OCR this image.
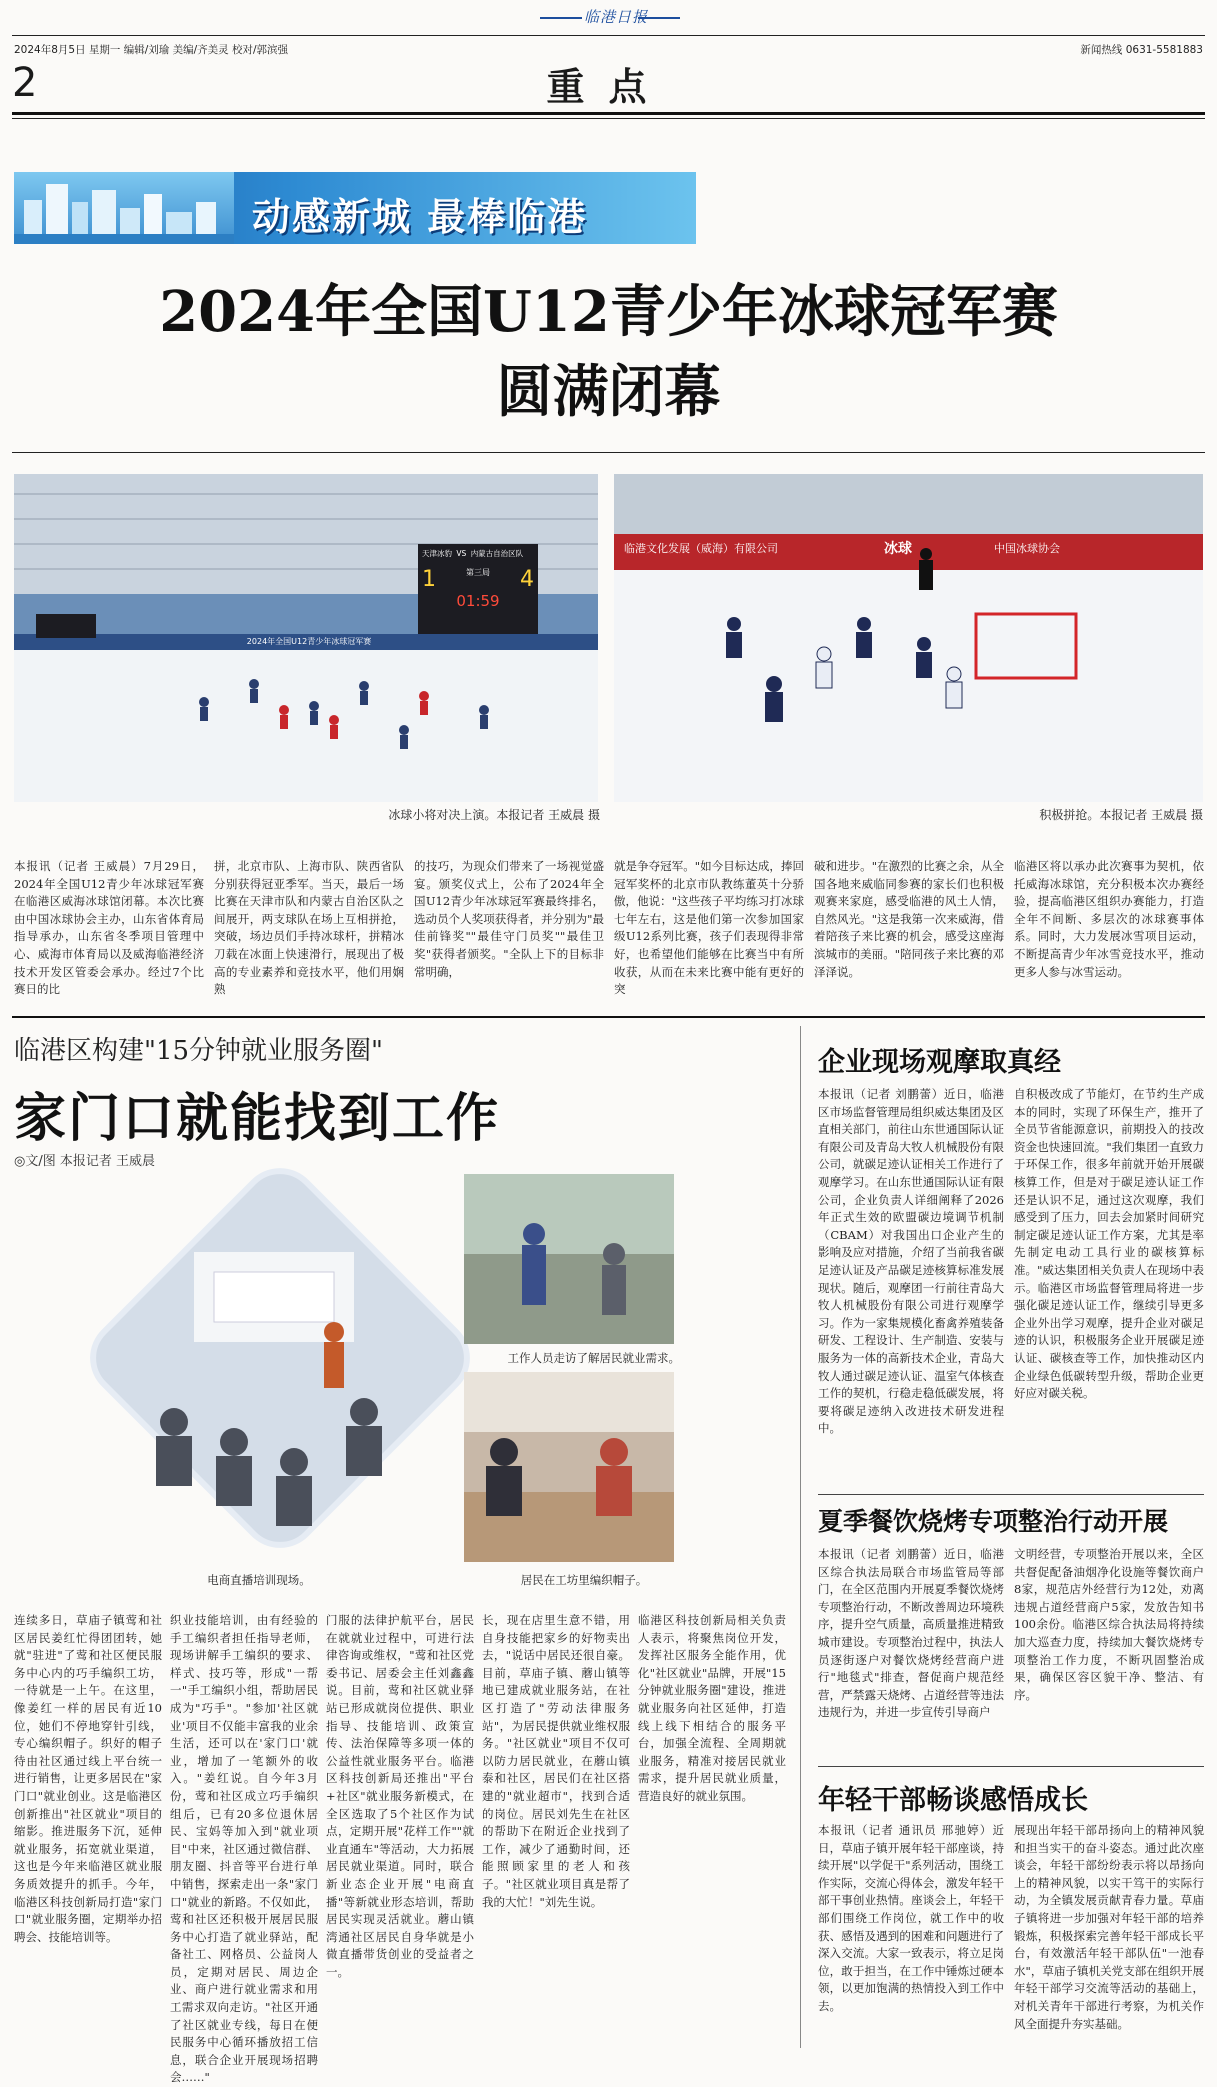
临港日报
2024年8月5日 星期一 编辑/刘瑜 美编/齐美灵 校对/郭滨强	新闻热线 0631-5581883
2	重点
动感新城 最棒临港
2024年全国U12青少年冰球冠军赛
圆满闭幕
天津冰豹 VS 内蒙古自治区队
1	第三局 4
01:59
2024年全国U12青少年冰球冠军赛
冰球小将对决上演。本报记者 王威晨 摄
临港文化发展（威海）有限公司	冰球	中国冰球协会
积极拼抢。本报记者 王威晨 摄
本报讯（记者 王威晨）7月29日，2024年全国U12青少年冰球冠军赛在临港区威海冰球馆闭幕。本次比赛由中国冰球协会主办，山东省体育局指导承办，山东省冬季项目管理中心、威海市体育局以及威海临港经济技术开发区管委会承办。经过7个比赛日的比
拼，北京市队、上海市队、陕西省队分别获得冠亚季军。当天，最后一场比赛在天津市队和内蒙古自治区队之间展开，两支球队在场上互相拼抢，突破，场边员们手持冰球杆，拼精冰刀载在冰面上快速滑行，展现出了极高的专业素养和竞技水平，他们用娴熟
的技巧，为现众们带来了一场视觉盛宴。颁奖仪式上，公布了2024年全国U12青少年冰球冠军赛最终排名，选动员个人奖项获得者，并分别为"最佳前锋奖""最佳守门员奖""最佳卫奖"获得者颁奖。"全队上下的目标非常明确，
就是争夺冠军。"如今目标达成，捧回冠军奖杯的北京市队教练董英十分骄傲，他说："这些孩子平均练习打冰球七年左右，这是他们第一次参加国家级U12系列比赛，孩子们表现得非常好，也希望他们能够在比赛当中有所收获，从而在未来比赛中能有更好的突
破和进步。"在激烈的比赛之余，从全国各地来威临同参赛的家长们也积极观赛来家庭，感受临港的风土人情，自然风光。"这是我第一次来威海，借着陪孩子来比赛的机会，感受这座海滨城市的美丽。"陪同孩子来比赛的邓泽泽说。
临港区将以承办此次赛事为契机，依托威海冰球馆，充分积极本次办赛经验，提高临港区组织办赛能力，打造全年不间断、多层次的冰球赛事体系。同时，大力发展冰雪项目运动，不断提高青少年冰雪竞技水平，推动更多人参与冰雪运动。
临港区构建"15分钟就业服务圈"
家门口就能找到工作
◎文/图 本报记者 王威晨
工作人员走访了解居民就业需求。
电商直播培训现场。	居民在工坊里编织帽子。
连续多日，草庙子镇莺和社区居民姜红忙得团团转，她就"驻进"了莺和社区便民服务中心内的巧手编织工坊，一待就是一上午。在这里，像姜红一样的居民有近10位，她们不停地穿针引线，专心编织帽子。织好的帽子待由社区通过线上平台统一进行销售，让更多居民在"家门口"就业创业。这是临港区创新推出"社区就业"项目的缩影。推进服务下沉，延伸就业服务，拓宽就业渠道，这也是今年来临港区就业服务质效提升的抓手。今年，临港区科技创新局打造"家门口"就业服务圈，定期举办招聘会、技能培训等。
织业技能培训，由有经验的手工编织者担任指导老师，现场讲解手工编织的要求、样式、技巧等，形成"一帮一"手工编织小组，帮助居民成为"巧手"。"参加'社区就业'项目不仅能丰富我的业余生活，还可以在'家门口'就业，增加了一笔额外的收入。"姜红说。自今年3月份，莺和社区成立巧手编织组后，已有20多位退休居民、宝妈等加入到"就业项目"中来，社区通过微信群、朋友圈、抖音等平台进行单中销售，探索走出一条"家门口"就业的新路。不仅如此，莺和社区还积极开展居民服务中心打造了就业驿站，配备社工、网格员、公益岗人员，定期对居民、周边企业、商户进行就业需求和用工需求双向走访。"社区开通了社区就业专线，每日在便民服务中心循环播放招工信息，联合企业开展现场招聘会……"
门服的法律护航平台，居民在就就业过程中，可进行法律咨询或维权，"莺和社区党委书记、居委会主任刘鑫鑫说。目前，莺和社区就业驿站已形成就岗位提供、职业指导、技能培训、政策宣传、法治保障等多项一体的公益性就业服务平台。临港区科技创新局还推出"平台+社区"就业服务新模式，在全区选取了5个社区作为试点，定期开展"花样工作""就业直通车"等活动，大力拓展居民就业渠道。同时，联合新业态企业开展"电商直播"等新就业形态培训，帮助居民实现灵活就业。蘑山镇湾通社区居民自身华就是小微直播带货创业的受益者之一。
长，现在店里生意不错，用自身技能把家乡的好物卖出去，"说话中居民还很自豪。目前，草庙子镇、蘑山镇等地已建成就业服务站，在社区打造了"劳动法律服务站"，为居民提供就业维权服务。"社区就业"项目不仅可以防力居民就业，在蘑山镇泰和社区，居民们在社区搭建的"就业超市"，找到合适的岗位。居民刘先生在社区的帮助下在附近企业找到了工作，减少了通勤时间，还能照顾家里的老人和孩子。"社区就业项目真是帮了我的大忙！"刘先生说。
临港区科技创新局相关负责人表示，将聚焦岗位开发，发挥社区服务全能作用，优化"社区就业"品牌，开展"15分钟就业服务圈"建设，推进就业服务向社区延伸，打造线上线下相结合的服务平台，加强全流程、全周期就业服务，精准对接居民就业需求，提升居民就业质量，营造良好的就业氛围。
企业现场观摩取真经
本报讯（记者 刘鹏蕾）近日，临港区市场监督管理局组织威达集团及区直相关部门，前往山东世通国际认证有限公司及青岛大牧人机械股份有限公司，就碳足迹认证相关工作进行了观摩学习。在山东世通国际认证有限公司，企业负责人详细阐释了2026年正式生效的欧盟碳边境调节机制（CBAM）对我国出口企业产生的影响及应对措施，介绍了当前我省碳足迹认证及产品碳足迹核算标准发展现状。随后，观摩团一行前往青岛大牧人机械股份有限公司进行观摩学习。作为一家集规模化畜禽养殖装备研发、工程设计、生产制造、安装与服务为一体的高新技术企业，青岛大牧人通过碳足迹认证、温室气体核查工作的契机，行稳走稳低碳发展，将要将碳足迹纳入改进技术研发进程中。
自积极改成了节能灯，在节约生产成本的同时，实现了环保生产，推开了全员节省能源意识，前期投入的技改资金也快速回流。"我们集团一直致力于环保工作，很多年前就开始开展碳核算工作，但是对于碳足迹认证工作还是认识不足，通过这次观摩，我们感受到了压力，回去会加紧时间研究制定碳足迹认证工作方案，尤其是率先制定电动工具行业的碳核算标准。"威达集团相关负责人在现场中表示。临港区市场监督管理局将进一步强化碳足迹认证工作，继续引导更多企业外出学习观摩，提升企业对碳足迹的认识，积极服务企业开展碳足迹认证、碳核查等工作，加快推动区内企业绿色低碳转型升级，帮助企业更好应对碳关税。
夏季餐饮烧烤专项整治行动开展
本报讯（记者 刘鹏蕾）近日，临港区综合执法局联合市场监管局等部门，在全区范围内开展夏季餐饮烧烤专项整治行动，不断改善周边环境秩序，提升空气质量，高质量推进精致城市建设。专项整治过程中，执法人员逐街逐户对餐饮烧烤经营商户进行"地毯式"排查，督促商户规范经营，严禁露天烧烤、占道经营等违法违规行为，并进一步宣传引导商户
文明经营，专项整治开展以来，全区共督促配备油烟净化设施等餐饮商户8家，规范店外经营行为12处，劝离违规占道经营商户5家，发放告知书100余份。临港区综合执法局将持续加大巡查力度，持续加大餐饮烧烤专项整治工作力度，不断巩固整治成果，确保区容区貌干净、整洁、有序。
年轻干部畅谈感悟成长
本报讯（记者 通讯员 邢驰婷）近日，草庙子镇开展年轻干部座谈，持续开展"以学促干"系列活动，围绕工作实际，交流心得体会，激发年轻干部干事创业热情。座谈会上，年轻干部们围绕工作岗位，就工作中的收获、感悟及遇到的困难和问题进行了深入交流。大家一致表示，将立足岗位，敢于担当，在工作中锤炼过硬本领，以更加饱满的热情投入到工作中去。
展现出年轻干部昂扬向上的精神风貌和担当实干的奋斗姿态。通过此次座谈会，年轻干部纷纷表示将以昂扬向上的精神风貌，以实干笃干的实际行动，为全镇发展贡献青春力量。草庙子镇将进一步加强对年轻干部的培养锻炼，积极探索完善年轻干部成长平台，有效激活年轻干部队伍"一池春水"，草庙子镇机关党支部在组织开展年轻干部学习交流等活动的基础上，对机关青年干部进行考察，为机关作风全面提升夯实基础。
